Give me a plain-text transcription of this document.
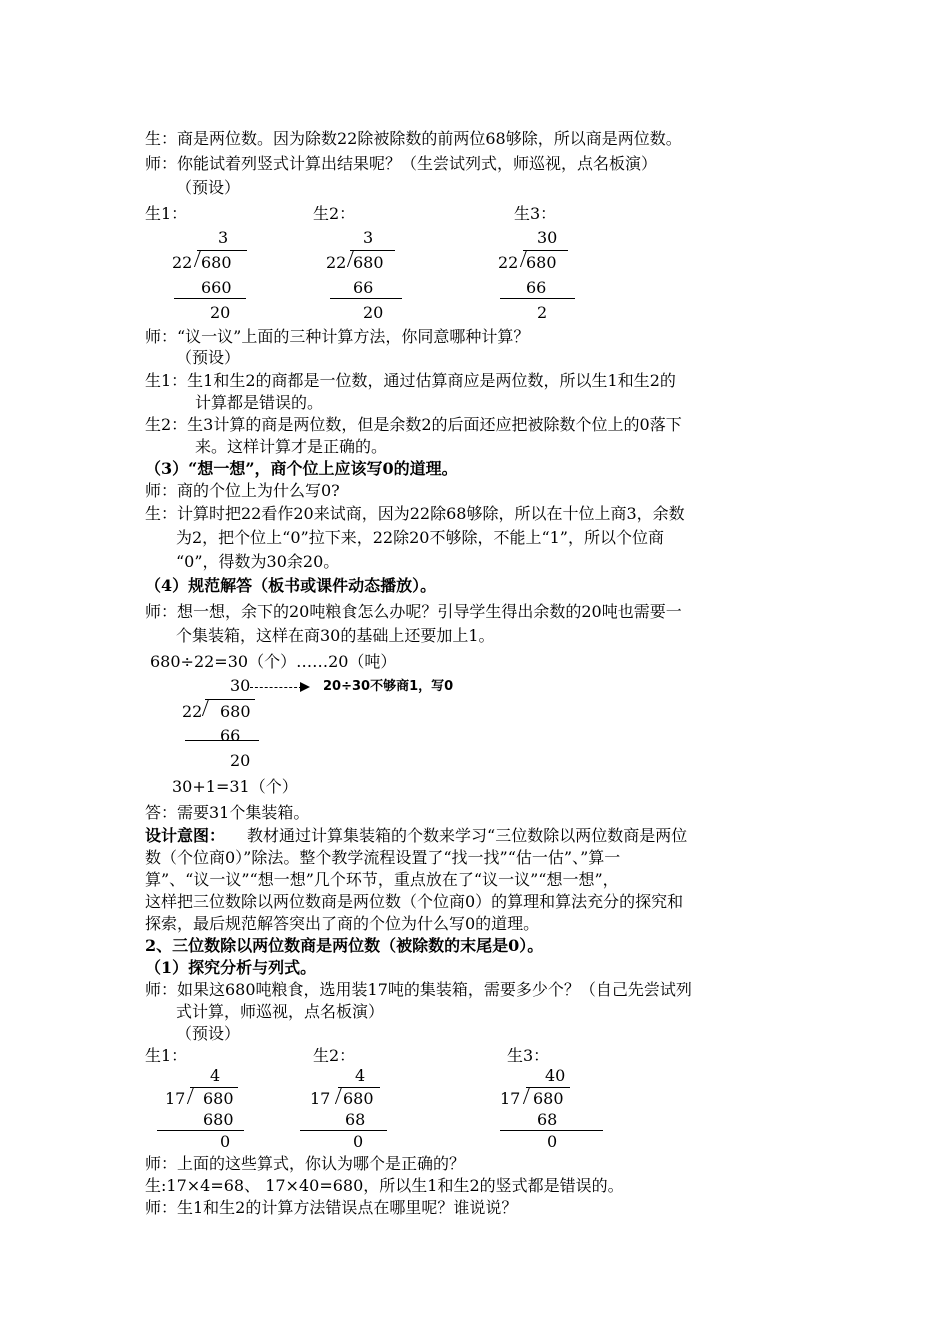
生：商是两位数。因为除数22除被除数的前两位68够除，所以商是两位数。
师：你能试着列竖式计算出结果呢？（生尝试列式，师巡视，点名板演）
（预设）
生1：	生2：	生3：
3
22 680
660
20
3
22 680
66
20
30
22 680
66
2
师：“议一议”上面的三种计算方法，你同意哪种计算？
（预设）
生1：生1和生2的商都是一位数，通过估算商应是两位数，所以生1和生2的
计算都是错误的。
生2：生3计算的商是两位数，但是余数2的后面还应把被除数个位上的0落下
来。这样计算才是正确的。
（3）“想一想”，商个位上应该写0的道理。
师：商的个位上为什么写0?
生：计算时把22看作20来试商，因为22除68够除，所以在十位上商3，余数
为2，把个位上“0”拉下来，22除20不够除，不能上“1”，所以个位商
“0”，得数为30余20。
（4）规范解答（板书或课件动态播放）。
师：想一想，余下的20吨粮食怎么办呢？引导学生得出余数的20吨也需要一
个集装箱，这样在商30的基础上还要加上1。
680÷22=30（个）……20（吨）
30	20÷30不够商1，写0
22 680
66
20
30+1=31（个）
答：需要31个集装箱。
设计意图： 教材通过计算集装箱的个数来学习“三位数除以两位数商是两位
数（个位商0）”除法。整个教学流程设置了“找一找”“估一估”、”算一
算”、“议一议”“想一想”几个环节，重点放在了“议一议”“想一想”，
这样把三位数除以两位数商是两位数（个位商0）的算理和算法充分的探究和
探索，最后规范解答突出了商的个位为什么写0的道理。
2、三位数除以两位数商是两位数（被除数的末尾是0）。
（1）探究分析与列式。
师：如果这680吨粮食，选用装17吨的集装箱，需要多少个？（自己先尝试列
式计算，师巡视，点名板演）
（预设）
生1：	生2：	生3：
4
17 680
680
0
4
17 680
68
0
40
17 680
68
0
师：上面的这些算式，你认为哪个是正确的？
生:17×4=68、 17×40=680，所以生1和生2的竖式都是错误的。
师：生1和生2的计算方法错误点在哪里呢？谁说说？
